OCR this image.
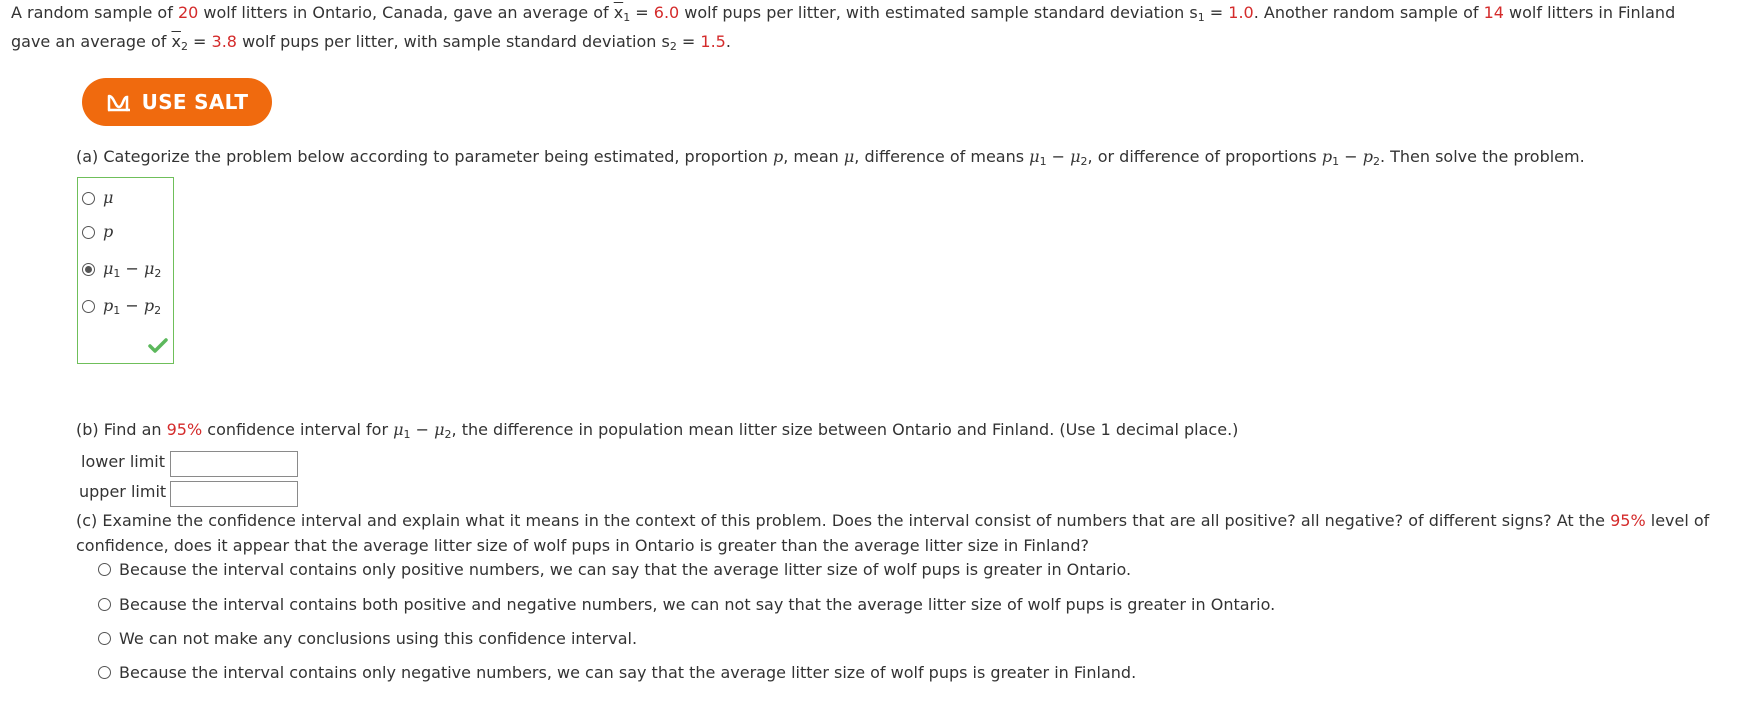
A random sample of 20 wolf litters in Ontario, Canada, gave an average of $\overline{x}_1 = 6.0$ wolf pups per litter, with estimated sample standard deviation $s_1 = 1.0$. Another random sample of 14 wolf litters in Finland
gave an average of $\overline{x}_2 = 3.8$ wolf pups per litter, with sample standard deviation $s_2 = 1.5$.
USE SALT
(a) Categorize the problem below according to parameter being estimated, proportion p, mean μ, difference of means $\mu_1 - \mu_2$, or difference of proportions $p_1 - p_2$. Then solve the problem.
μ
p
$\mu_1 - \mu_2$
$p_1 - p_2$
(b) Find an 95% confidence interval for $\mu_1 - \mu_2$, the difference in population mean litter size between Ontario and Finland. (Use 1 decimal place.)
lower limit
upper limit
(c) Examine the confidence interval and explain what it means in the context of this problem. Does the interval consist of numbers that are all positive? all negative? of different signs? At the 95% level of
confidence, does it appear that the average litter size of wolf pups in Ontario is greater than the average litter size in Finland?
Because the interval contains only positive numbers, we can say that the average litter size of wolf pups is greater in Ontario.
Because the interval contains both positive and negative numbers, we can not say that the average litter size of wolf pups is greater in Ontario.
We can not make any conclusions using this confidence interval.
Because the interval contains only negative numbers, we can say that the average litter size of wolf pups is greater in Finland.
